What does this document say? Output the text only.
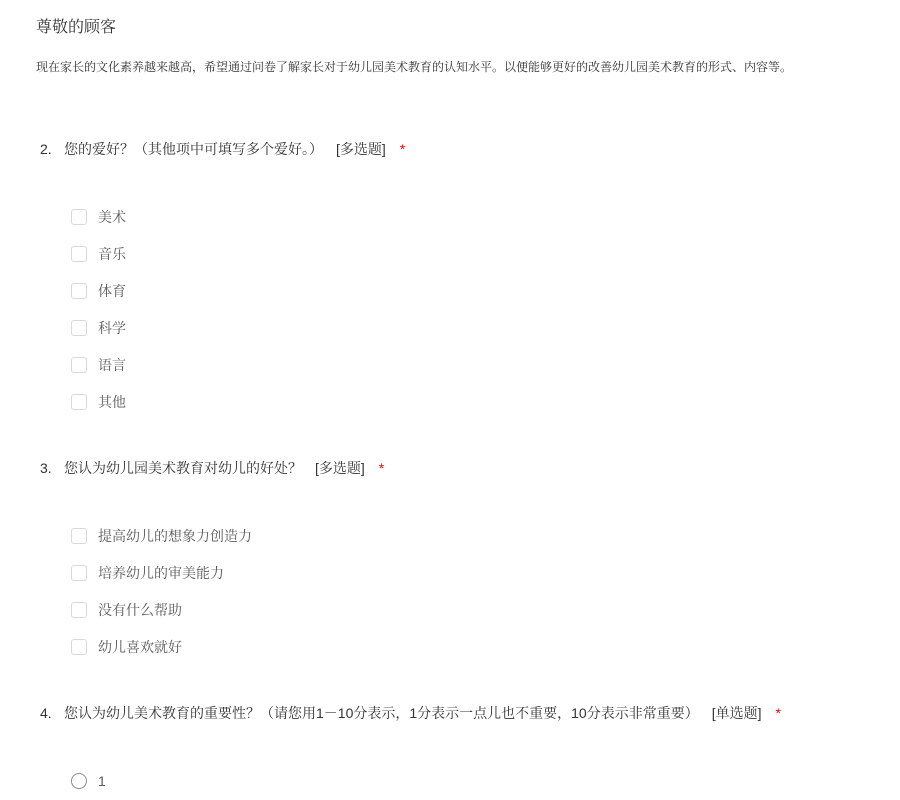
尊敬的顾客

现在家长的文化素养越来越高，希望通过问卷了解家长对于幼儿园美术教育的认知水平。以便能够更好的改善幼儿园美术教育的形式、内容等。

2. 您的爱好？（其他项中可填写多个爱好。） [多选题] *
美术
音乐
体育
科学
语言
其他
3. 您认为幼儿园美术教育对幼儿的好处？ [多选题] *
提高幼儿的想象力创造力
培养幼儿的审美能力
没有什么帮助
幼儿喜欢就好
4. 您认为幼儿美术教育的重要性？（请您用1－10分表示，1分表示一点儿也不重要，10分表示非常重要） [单选题] *
1
